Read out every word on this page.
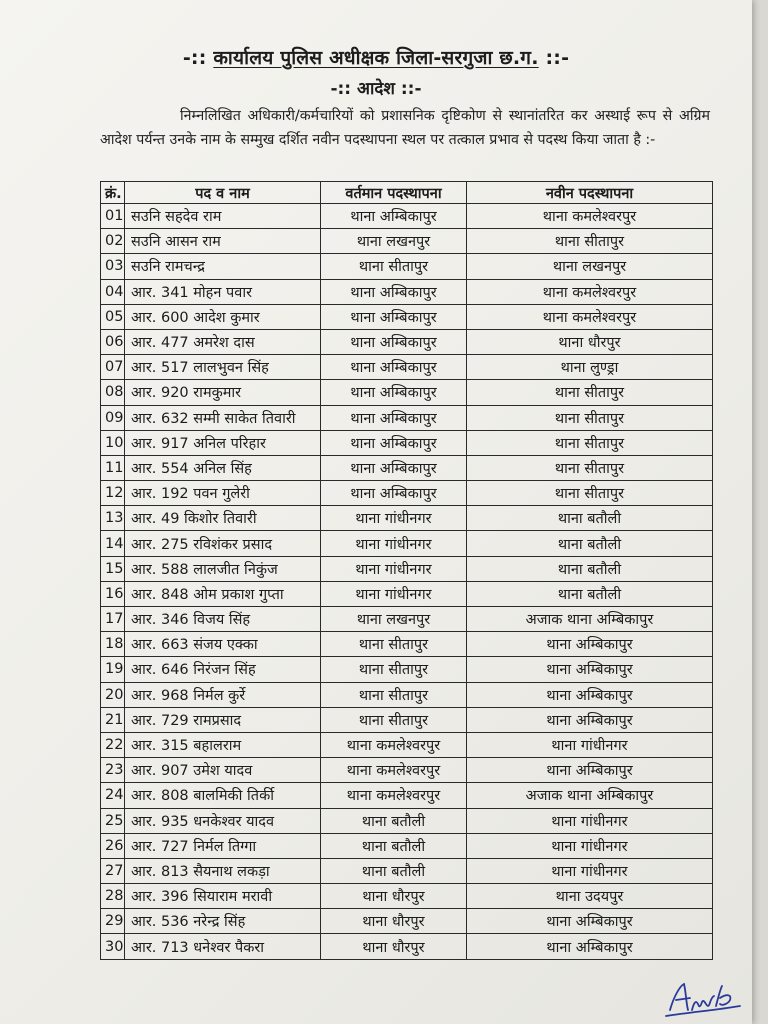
-:: कार्यालय पुलिस अधीक्षक जिला-सरगुजा छ.ग. ::-
-:: आदेश ::-
निम्नलिखित अधिकारी/कर्मचारियों को प्रशासनिक दृष्टिकोण से स्थानांतरित कर अस्थाई रूप से अग्रिम आदेश पर्यन्त उनके नाम के सम्मुख दर्शित नवीन पदस्थापना स्थल पर तत्काल प्रभाव से पदस्थ किया जाता है :-
क्रं.	पद व नाम	वर्तमान पदस्थापना	नवीन पदस्थापना
01	सउनि सहदेव राम	थाना अम्बिकापुर	थाना कमलेश्वरपुर
02	सउनि आसन राम	थाना लखनपुर	थाना सीतापुर
03	सउनि रामचन्द्र	थाना सीतापुर	थाना लखनपुर
04	आर. 341 मोहन पवार	थाना अम्बिकापुर	थाना कमलेश्वरपुर
05	आर. 600 आदेश कुमार	थाना अम्बिकापुर	थाना कमलेश्वरपुर
06	आर. 477 अमरेश दास	थाना अम्बिकापुर	थाना धौरपुर
07	आर. 517 लालभुवन सिंह	थाना अम्बिकापुर	थाना लुण्ड्रा
08	आर. 920 रामकुमार	थाना अम्बिकापुर	थाना सीतापुर
09	आर. 632 सम्मी साकेत तिवारी	थाना अम्बिकापुर	थाना सीतापुर
10	आर. 917 अनिल परिहार	थाना अम्बिकापुर	थाना सीतापुर
11	आर. 554 अनिल सिंह	थाना अम्बिकापुर	थाना सीतापुर
12	आर. 192 पवन गुलेरी	थाना अम्बिकापुर	थाना सीतापुर
13	आर. 49 किशोर तिवारी	थाना गांधीनगर	थाना बतौली
14	आर. 275 रविशंकर प्रसाद	थाना गांधीनगर	थाना बतौली
15	आर. 588 लालजीत निकुंज	थाना गांधीनगर	थाना बतौली
16	आर. 848 ओम प्रकाश गुप्ता	थाना गांधीनगर	थाना बतौली
17	आर. 346 विजय सिंह	थाना लखनपुर	अजाक थाना अम्बिकापुर
18	आर. 663 संजय एक्का	थाना सीतापुर	थाना अम्बिकापुर
19	आर. 646 निरंजन सिंह	थाना सीतापुर	थाना अम्बिकापुर
20	आर. 968 निर्मल कुर्रे	थाना सीतापुर	थाना अम्बिकापुर
21	आर. 729 रामप्रसाद	थाना सीतापुर	थाना अम्बिकापुर
22	आर. 315 बहालराम	थाना कमलेश्वरपुर	थाना गांधीनगर
23	आर. 907 उमेश यादव	थाना कमलेश्वरपुर	थाना अम्बिकापुर
24	आर. 808 बालमिकी तिर्की	थाना कमलेश्वरपुर	अजाक थाना अम्बिकापुर
25	आर. 935 धनकेश्वर यादव	थाना बतौली	थाना गांधीनगर
26	आर. 727 निर्मल तिग्गा	थाना बतौली	थाना गांधीनगर
27	आर. 813 सैयनाथ लकड़ा	थाना बतौली	थाना गांधीनगर
28	आर. 396 सियाराम मरावी	थाना धौरपुर	थाना उदयपुर
29	आर. 536 नरेन्द्र सिंह	थाना धौरपुर	थाना अम्बिकापुर
30	आर. 713 धनेश्वर पैकरा	थाना धौरपुर	थाना अम्बिकापुर
